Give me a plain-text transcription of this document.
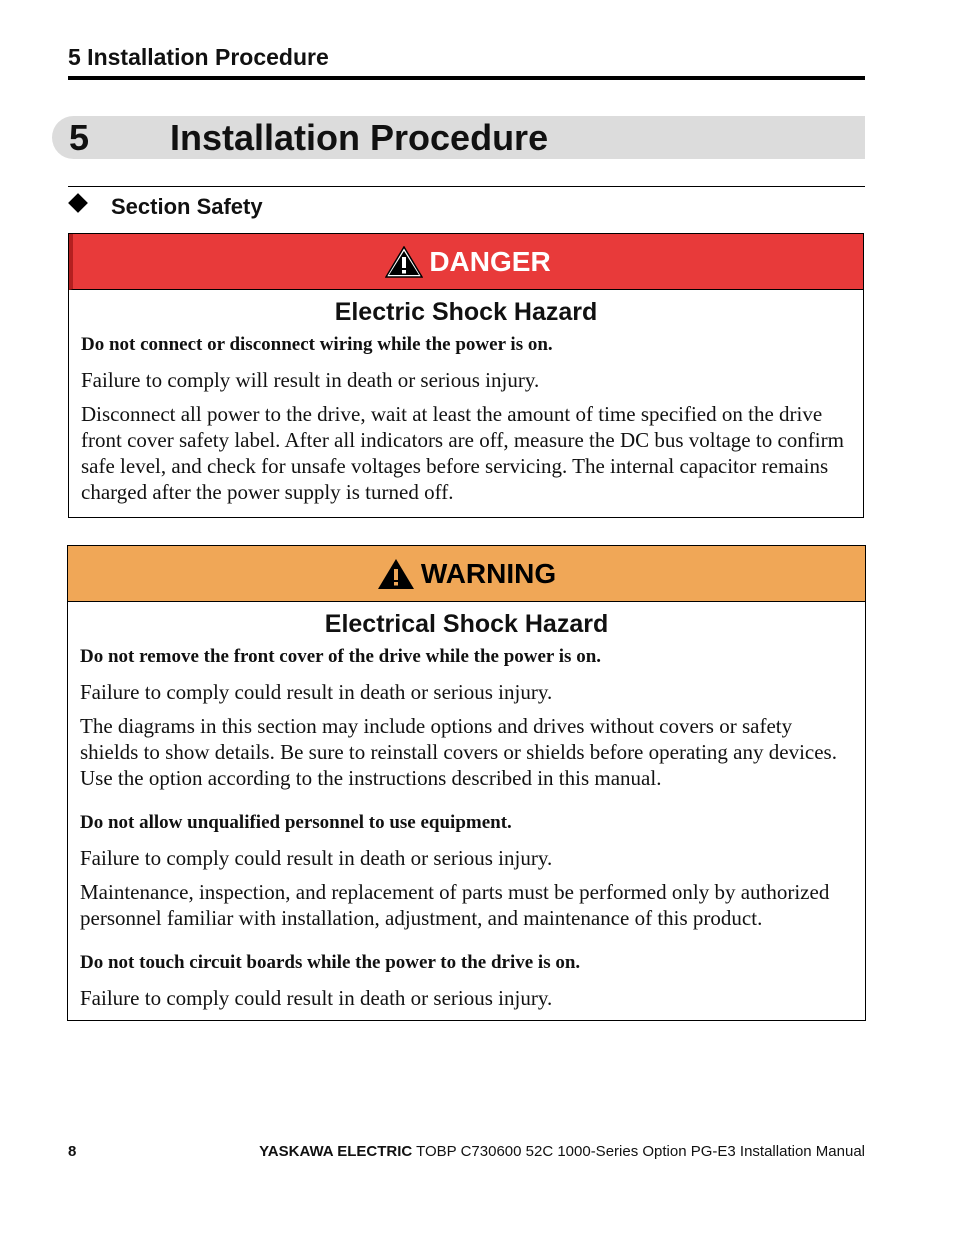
5 Installation Procedure
5 Installation Procedure
Section Safety
DANGER
Electric Shock Hazard
Do not connect or disconnect wiring while the power is on.
Failure to comply will result in death or serious injury.
Disconnect all power to the drive, wait at least the amount of time specified on the drive front cover safety label. After all indicators are off, measure the DC bus voltage to confirm safe level, and check for unsafe voltages before servicing. The internal capacitor remains charged after the power supply is turned off.
WARNING
Electrical Shock Hazard
Do not remove the front cover of the drive while the power is on.
Failure to comply could result in death or serious injury.
The diagrams in this section may include options and drives without covers or safety shields to show details. Be sure to reinstall covers or shields before operating any devices. Use the option according to the instructions described in this manual.
Do not allow unqualified personnel to use equipment.
Failure to comply could result in death or serious injury.
Maintenance, inspection, and replacement of parts must be performed only by authorized personnel familiar with installation, adjustment, and maintenance of this product.
Do not touch circuit boards while the power to the drive is on.
Failure to comply could result in death or serious injury.
8	YASKAWA ELECTRIC TOBP C730600 52C 1000-Series Option PG-E3 Installation Manual
